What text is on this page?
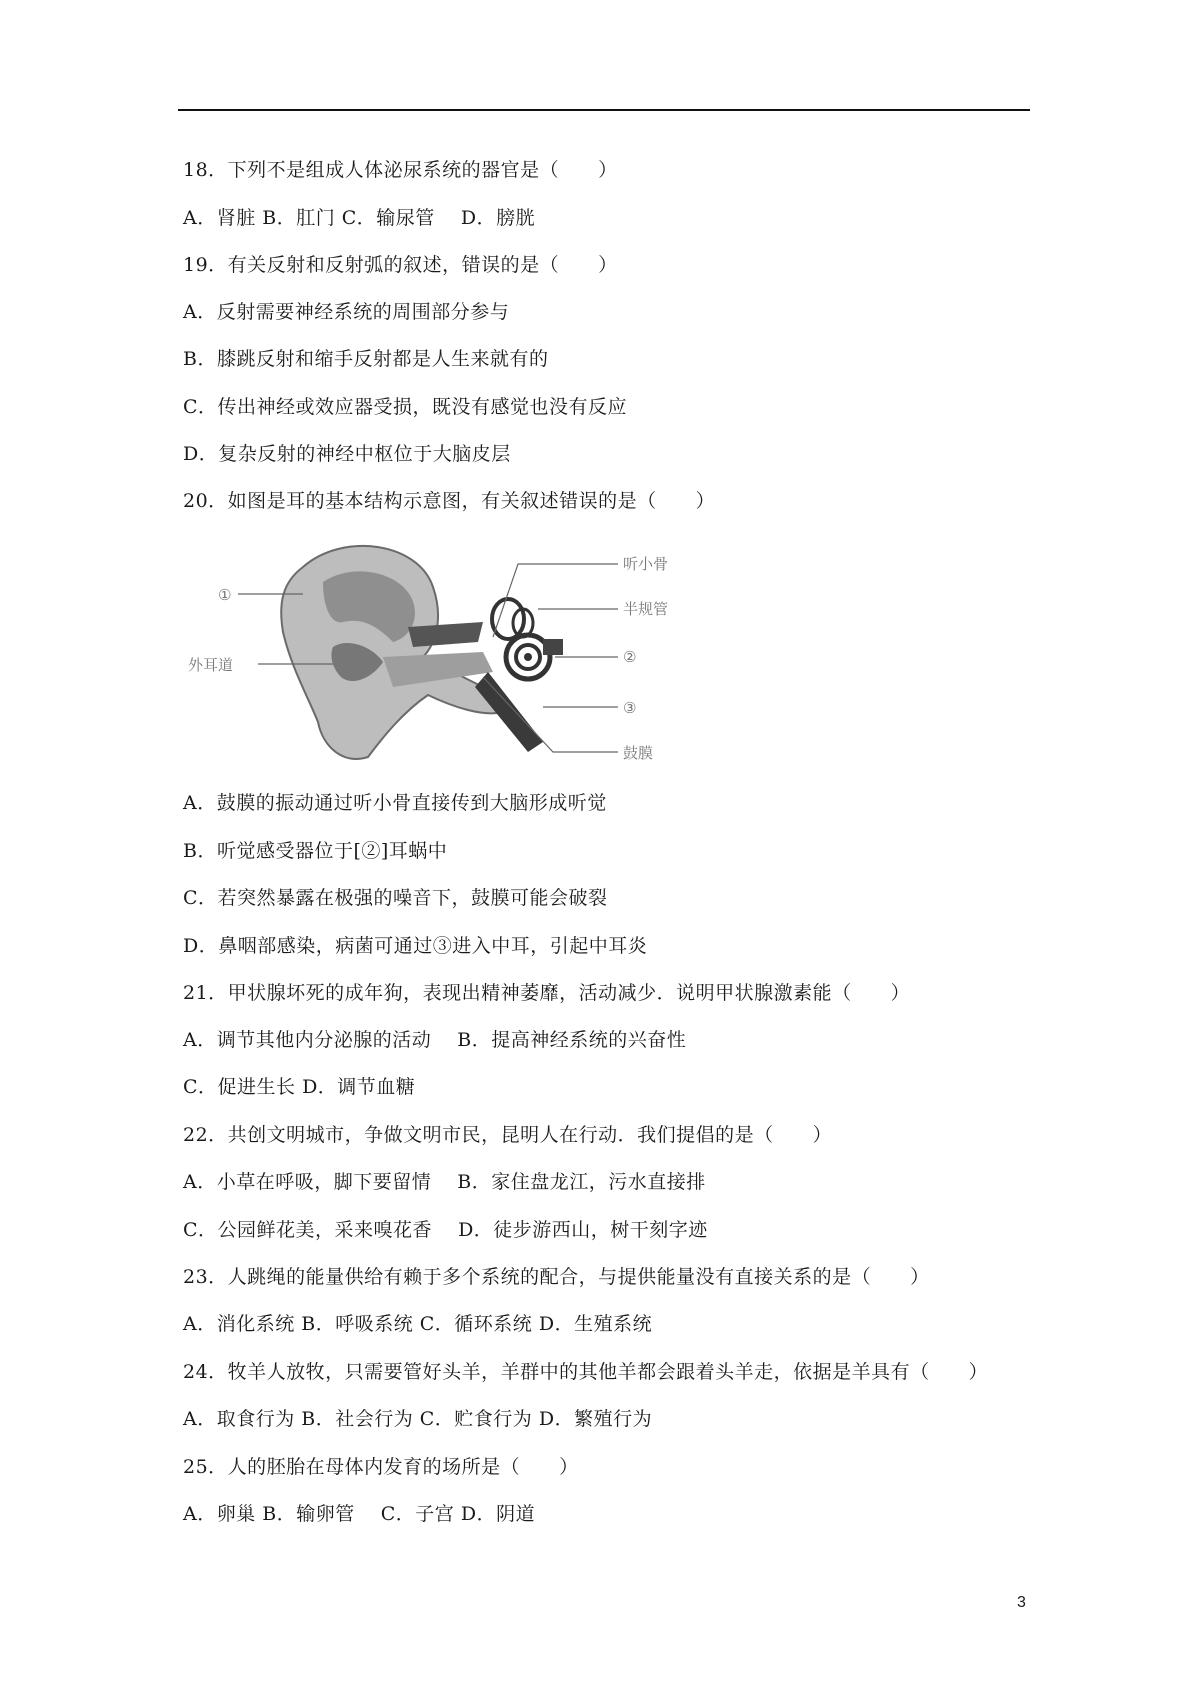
18．下列不是组成人体泌尿系统的器官是（　　）
A．肾脏 B．肛门 C．输尿管　 D．膀胱
19．有关反射和反射弧的叙述，错误的是（　　）
A．反射需要神经系统的周围部分参与
B．膝跳反射和缩手反射都是人生来就有的
C．传出神经或效应器受损，既没有感觉也没有反应
D．复杂反射的神经中枢位于大脑皮层
20．如图是耳的基本结构示意图，有关叙述错误的是（　　）
①
外耳道
听小骨
半规管
②
③
鼓膜
A．鼓膜的振动通过听小骨直接传到大脑形成听觉
B．听觉感受器位于[②]耳蜗中
C．若突然暴露在极强的噪音下，鼓膜可能会破裂
D．鼻咽部感染，病菌可通过③进入中耳，引起中耳炎
21．甲状腺坏死的成年狗，表现出精神萎靡，活动减少．说明甲状腺激素能（　　）
A．调节其他内分泌腺的活动　 B．提高神经系统的兴奋性
C．促进生长 D．调节血糖
22．共创文明城市，争做文明市民，昆明人在行动．我们提倡的是（　　）
A．小草在呼吸，脚下要留情　 B．家住盘龙江，污水直接排
C．公园鲜花美，采来嗅花香　 D．徒步游西山，树干刻字迹
23．人跳绳的能量供给有赖于多个系统的配合，与提供能量没有直接关系的是（　　）
A．消化系统 B．呼吸系统 C．循环系统 D．生殖系统
24．牧羊人放牧，只需要管好头羊，羊群中的其他羊都会跟着头羊走，依据是羊具有（　　）
A．取食行为 B．社会行为 C．贮食行为 D．繁殖行为
25．人的胚胎在母体内发育的场所是（　　）
A．卵巢 B．输卵管　 C．子宫 D．阴道
3
